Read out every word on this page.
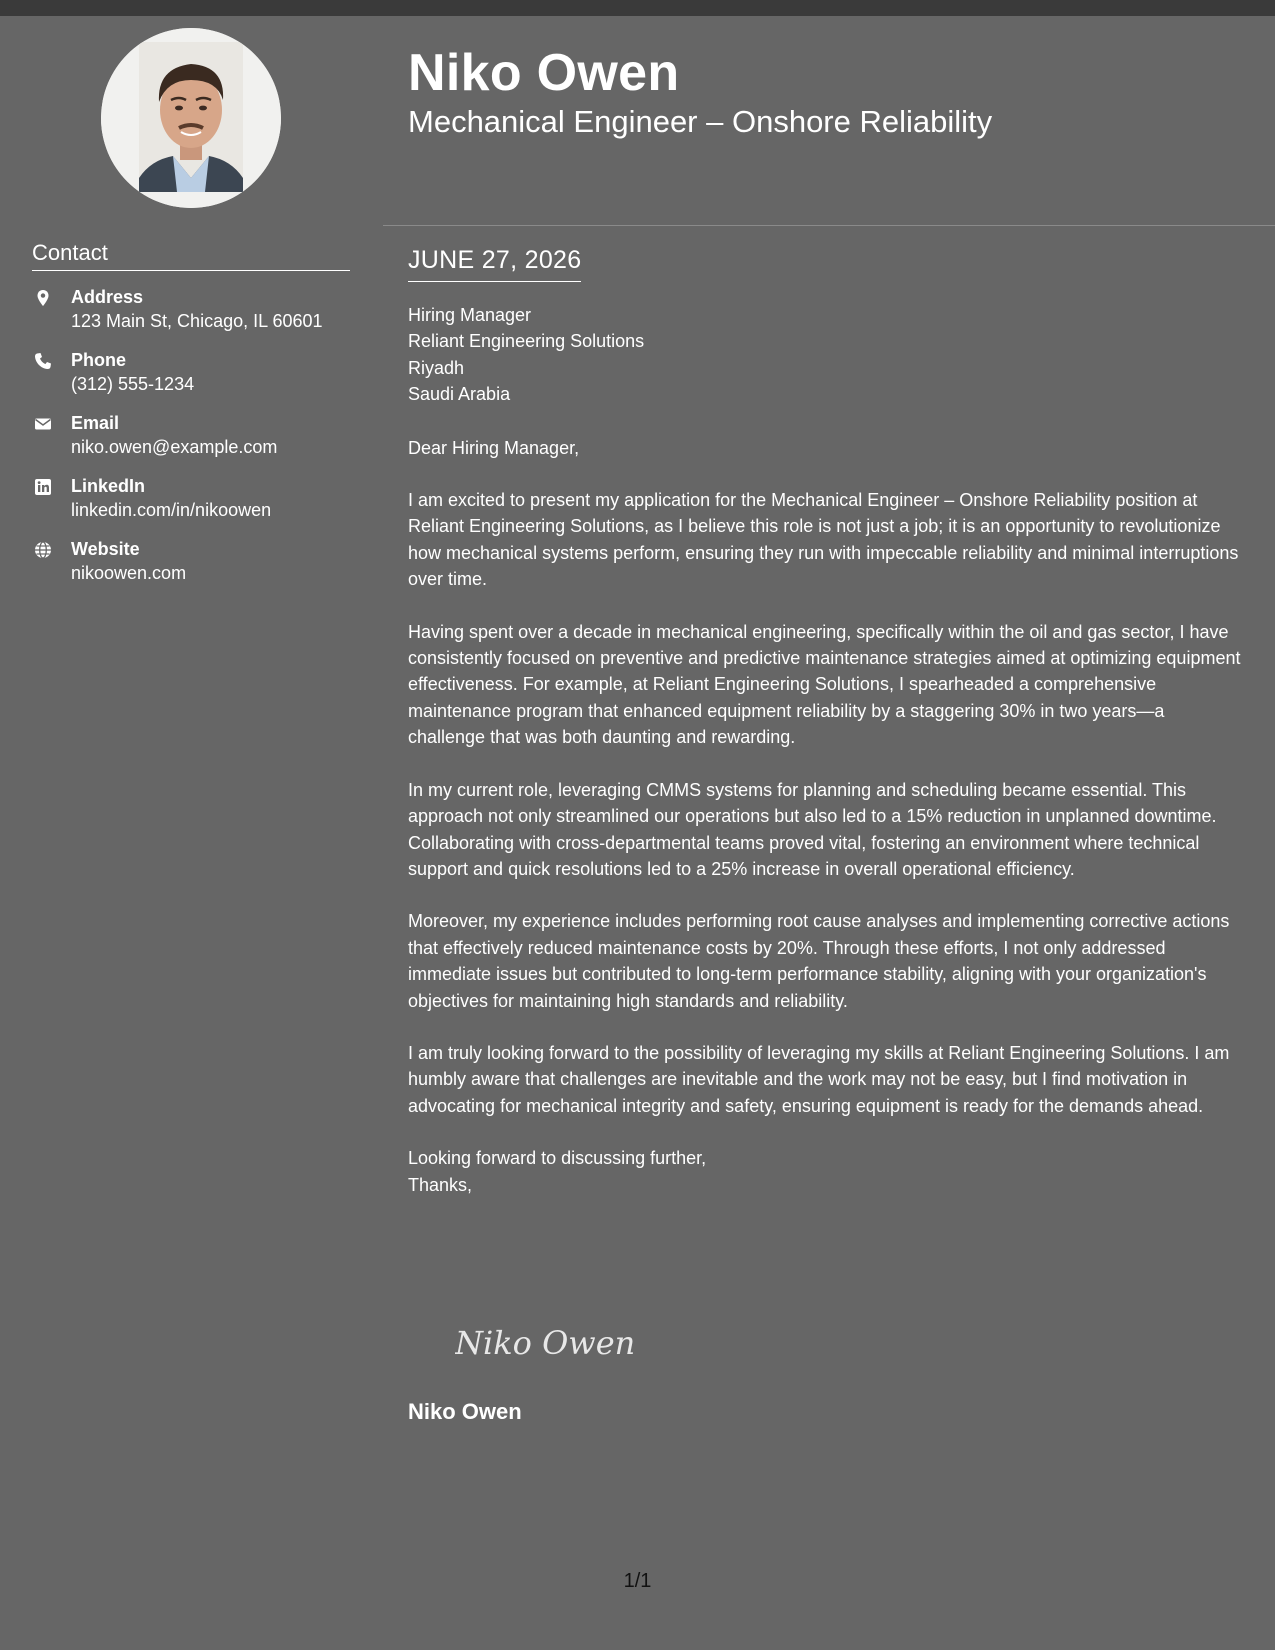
Contact
Address
123 Main St, Chicago, IL 60601
Phone
(312) 555-1234
Email
niko.owen@example.com
LinkedIn
linkedin.com/in/nikoowen
Website
nikoowen.com
Niko Owen
Mechanical Engineer – Onshore Reliability
JUNE 27, 2026

Hiring Manager

Reliant Engineering Solutions

Riyadh

Saudi Arabia

Dear Hiring Manager,

I am excited to present my application for the Mechanical Engineer – Onshore Reliability position at Reliant Engineering Solutions, as I believe this role is not just a job; it is an opportunity to revolutionize how mechanical systems perform, ensuring they run with impeccable reliability and minimal interruptions over time.

Having spent over a decade in mechanical engineering, specifically within the oil and gas sector, I have consistently focused on preventive and predictive maintenance strategies aimed at optimizing equipment effectiveness. For example, at Reliant Engineering Solutions, I spearheaded a comprehensive maintenance program that enhanced equipment reliability by a staggering 30% in two years—a challenge that was both daunting and rewarding.

In my current role, leveraging CMMS systems for planning and scheduling became essential. This approach not only streamlined our operations but also led to a 15% reduction in unplanned downtime. Collaborating with cross-departmental teams proved vital, fostering an environment where technical support and quick resolutions led to a 25% increase in overall operational efficiency.

Moreover, my experience includes performing root cause analyses and implementing corrective actions that effectively reduced maintenance costs by 20%. Through these efforts, I not only addressed immediate issues but contributed to long-term performance stability, aligning with your organization's objectives for maintaining high standards and reliability.

I am truly looking forward to the possibility of leveraging my skills at Reliant Engineering Solutions. I am humbly aware that challenges are inevitable and the work may not be easy, but I find motivation in advocating for mechanical integrity and safety, ensuring equipment is ready for the demands ahead.

Looking forward to discussing further,

Thanks,

Niko Owen
Niko Owen
1/1
